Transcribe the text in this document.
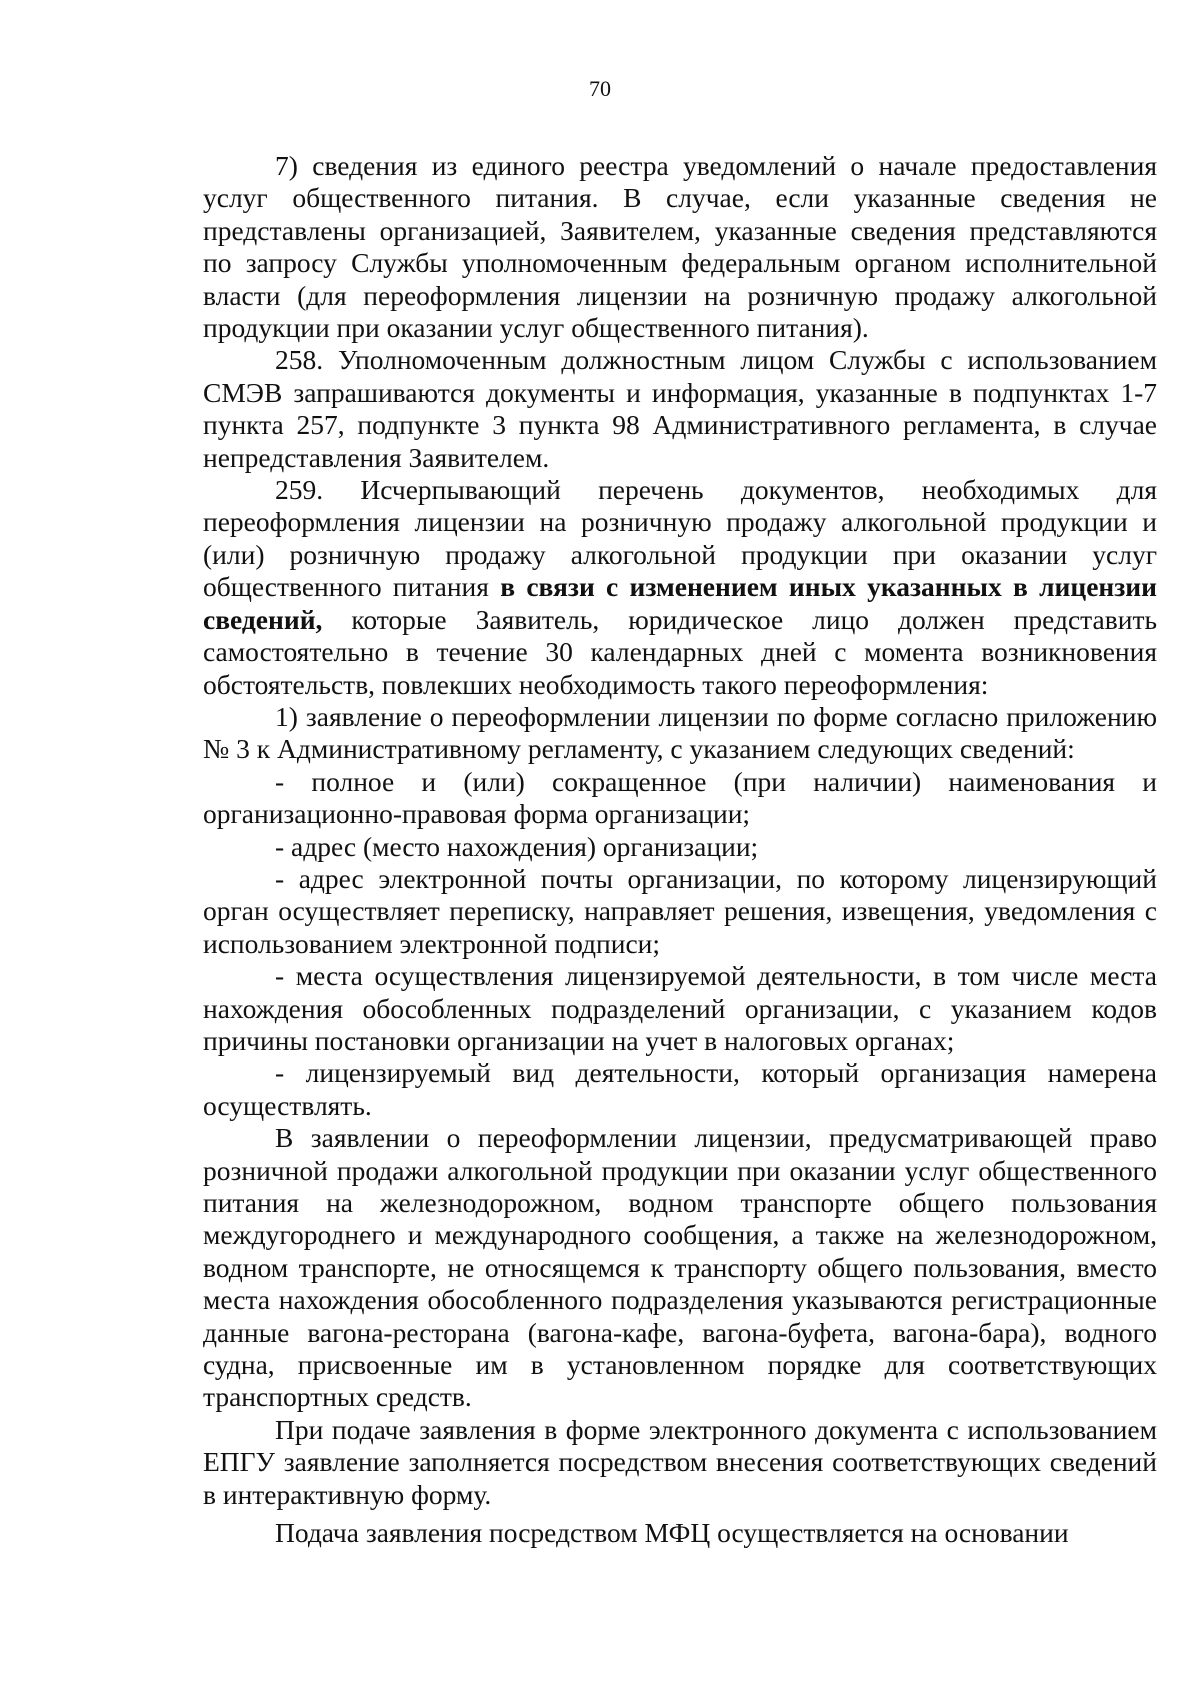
70

7) сведения из единого реестра уведомлений о начале предоставления услуг общественного питания. В случае, если указанные сведения не представлены организацией, Заявителем, указанные сведения представляются по запросу Службы уполномоченным федеральным органом исполнительной власти (для переоформления лицензии на розничную продажу алкогольной продукции при оказании услуг общественного питания).

258. Уполномоченным должностным лицом Службы с использованием СМЭВ запрашиваются документы и информация, указанные в подпунктах 1-7 пункта 257, подпункте 3 пункта 98 Административного регламента, в случае непредставления Заявителем.

259. Исчерпывающий перечень документов, необходимых для переоформления лицензии на розничную продажу алкогольной продукции и (или) розничную продажу алкогольной продукции при оказании услуг общественного питания в связи с изменением иных указанных в лицензии сведений, которые Заявитель, юридическое лицо должен представить самостоятельно в течение 30 календарных дней с момента возникновения обстоятельств, повлекших необходимость такого переоформления:

1) заявление о переоформлении лицензии по форме согласно приложению № 3 к Административному регламенту, с указанием следующих сведений:

- полное и (или) сокращенное (при наличии) наименования и организационно-правовая форма организации;

- адрес (место нахождения) организации;

- адрес электронной почты организации, по которому лицензирующий орган осуществляет переписку, направляет решения, извещения, уведомления с использованием электронной подписи;

- места осуществления лицензируемой деятельности, в том числе места нахождения обособленных подразделений организации, с указанием кодов причины постановки организации на учет в налоговых органах;

- лицензируемый вид деятельности, который организация намерена осуществлять.

В заявлении о переоформлении лицензии, предусматривающей право розничной продажи алкогольной продукции при оказании услуг общественного питания на железнодорожном, водном транспорте общего пользования междугороднего и международного сообщения, а также на железнодорожном, водном транспорте, не относящемся к транспорту общего пользования, вместо места нахождения обособленного подразделения указываются регистрационные данные вагона-ресторана (вагона-кафе, вагона-буфета, вагона-бара), водного судна, присвоенные им в установленном порядке для соответствующих транспортных средств.

При подаче заявления в форме электронного документа с использованием ЕПГУ заявление заполняется посредством внесения соответствующих сведений в интерактивную форму.

Подача заявления посредством МФЦ осуществляется на основании
